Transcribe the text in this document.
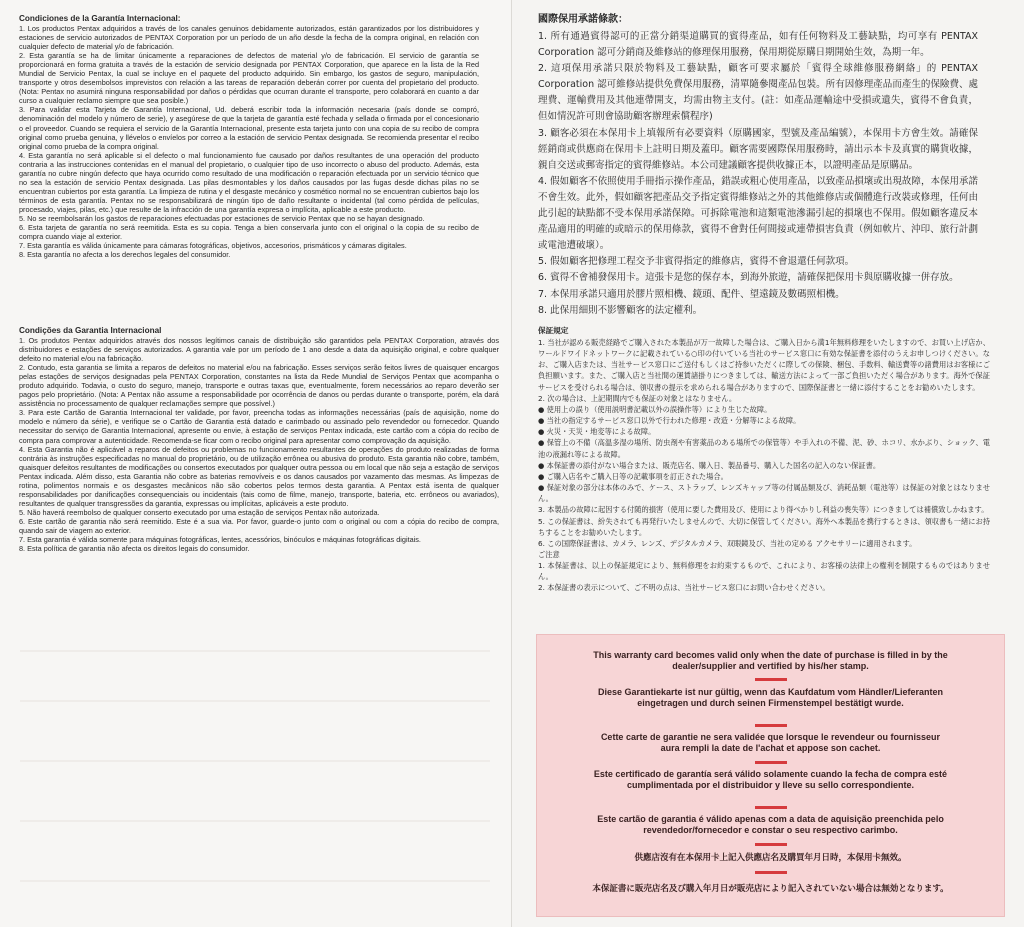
Condiciones de la Garantía Internacional:

1. Los productos Pentax adquiridos a través de los canales genuinos debidamente autorizados, están garantizados por los distribuidores y estaciones de servicio autorizados de PENTAX Corporation por un período de un año desde la fecha de la compra original, en relación con cualquier defecto de material y/o de fabricación.

2. Esta garantía se ha de limitar únicamente a reparaciones de defectos de material y/o de fabricación. El servicio de garantía se proporcionará en forma gratuita a través de la estación de servicio designada por PENTAX Corporation, que aparece en la lista de la Red Mundial de Servicio Pentax, la cual se incluye en el paquete del producto adquirido. Sin embargo, los gastos de seguro, manipulación, transporte y otros desembolsos imprevistos con relación a las tareas de reparación deberán correr por cuenta del propietario del producto. (Nota: Pentax no asumirá ninguna responsabilidad por daños o pérdidas que ocurran durante el transporte, pero colaborará en cuanto a dar curso a cualquier reclamo siempre que sea posible.)

3. Para validar esta Tarjeta de Garantía Internacional, Ud. deberá escribir toda la información necesaria (país donde se compró, denominación del modelo y número de serie), y asegúrese de que la tarjeta de garantía esté fechada y sellada o firmada por el concesionario o el proveedor. Cuando se requiera el servicio de la Garantía Internacional, presente esta tarjeta junto con una copia de su recibo de compra original como prueba genuina, y llévelos o envíelos por correo a la estación de servicio Pentax designada. Se recomienda presentar el recibo original como prueba de la compra original.

4. Esta garantía no será aplicable si el defecto o mal funcionamiento fue causado por daños resultantes de una operación del producto contraria a las instrucciones contenidas en el manual del propietario, o cualquier tipo de uso incorrecto o abuso del producto. Además, esta garantía no cubre ningún defecto que haya ocurrido como resultado de una modificación o reparación efectuada por un servicio técnico que no sea la estación de servicio Pentax designada. Las pilas desmontables y los daños causados por las fugas desde dichas pilas no se encuentran cubiertos por esta garantía. La limpieza de rutina y el desgaste mecánico y cosmético normal no se encuentran cubiertos bajo los términos de esta garantía. Pentax no se responsabilizará de ningún tipo de daño resultante o incidental (tal como pérdida de películas, procesado, viajes, pilas, etc.) que resulte de la infracción de una garantía expresa o implícita, aplicable a este producto.

5. No se reembolsarán los gastos de reparaciones efectuadas por estaciones de servicio Pentax que no se hayan designado.

6. Esta tarjeta de garantía no será reemitida. Esta es su copia. Tenga a bien conservarla junto con el original o la copia de su recibo de compra cuando viaje al exterior.

7. Esta garantía es válida únicamente para cámaras fotográficas, objetivos, accesorios, prismáticos y cámaras digitales.

8. Esta garantía no afecta a los derechos legales del consumidor.

Condições da Garantia Internacional

1. Os produtos Pentax adquiridos através dos nossos legítimos canais de distribuição são garantidos pela PENTAX Corporation, através dos distribuidores e estações de serviços autorizados. A garantia vale por um período de 1 ano desde a data da aquisição original, e cobre qualquer defeito no material e/ou na fabricação.

2. Contudo, esta garantia se limita a reparos de defeitos no material e/ou na fabricação. Esses serviços serão feitos livres de quaisquer encargos pelas estações de serviços designadas pela PENTAX Corporation, constantes na lista da Rede Mundial de Serviços Pentax que acompanha o produto adquirido. Todavia, o custo do seguro, manejo, transporte e outras taxas que, eventualmente, forem necessários ao reparo deverão ser pagos pelo proprietário. (Nota: A Pentax não assume a responsabilidade por ocorrência de danos ou perdas durante o transporte, porém, ela dará assistência no processamento de qualquer reclamações sempre que possível.)

3. Para este Cartão de Garantia Internacional ter validade, por favor, preencha todas as informações necessárias (país de aquisição, nome do modelo e número da série), e verifique se o Cartão de Garantia está datado e carimbado ou assinado pelo revendedor ou fornecedor. Quando necessitar do serviço de Garantia Internacional, apresente ou envie, à estação de serviços Pentax indicada, este cartão com a cópia do recibo de compra para comprovar a autenticidade. Recomenda-se ficar com o recibo original para apresentar como comprovação da aquisição.

4. Esta Garantia não é aplicável a reparos de defeitos ou problemas no funcionamento resultantes de operações do produto realizadas de forma contrária às instruções especificadas no manual do proprietário, ou de utilização errônea ou abusiva do produto. Esta garantia não cobre, também, quaisquer defeitos resultantes de modificações ou consertos executados por qualquer outra pessoa ou em local que não seja a estação de serviços Pentax indicada. Além disso, esta Garantia não cobre as baterias removíveis e os danos causados por vazamento das mesmas. As limpezas de rotina, polimentos normais e os desgastes mecânicos não são cobertos pelos termos desta garantia. A Pentax está isenta de qualquer responsabilidades por danificações consequenciais ou incidentais (tais como de filme, manejo, transporte, bateria, etc. errôneos ou avariados), resultantes de qualquer transgressões da garantia, expressas ou implícitas, aplicáveis a este produto.

5. Não haverá reembolso de qualquer conserto executado por uma estação de serviços Pentax não autorizada.

6. Este cartão de garantia não será reemitido. Este é a sua via. Por favor, guarde-o junto com o original ou com a cópia do recibo de compra, quando sair de viagem ao exterior.

7. Esta garantia é válida somente para máquinas fotográficas, lentes, acessórios, binóculos e máquinas fotográficas digitais.

8. Esta política de garantia não afecta os direitos legais do consumidor.

國際保用承諾條款：

1. 所有通過賓得認可的正當分銷渠道購買的賓得產品，如有任何物料及工藝缺點，均可享有 PENTAX Corporation 認可分銷商及維修站的修理保用服務，保用期從原購日期開始生效，為期一年。

2. 這項保用承諾只限於物料及工藝缺點，顧客可要求屬於「賓得全球維修服務網絡」的 PENTAX Corporation 認可維修站提供免費保用服務，清單隨參閱產品包裝。所有因修理產品而產生的保險費、處理費、運輸費用及其他連帶開支，均需由物主支付。(註：如產品運輸途中受損或遺失，賓得不會負責，但如情況許可則會協助顧客辦理索償程序)

3. 顧客必須在本保用卡上填報所有必要資料（原購國家，型號及產品編號），本保用卡方會生效。請確保經銷商或供應商在保用卡上註明日期及蓋印。顧客需要國際保用服務時，請出示本卡及真實的購貨收據，親自交送或郵寄指定的賓得維修站。本公司建議顧客提供收據正本，以證明產品是原購品。

4. 假如顧客不依照使用手冊指示操作產品，錯誤或粗心使用產品，以致產品損壞或出現故障，本保用承諾不會生效。此外，假如顧客把產品交予指定賓得維修站之外的其他維修店或個體進行改裝或修理，任何由此引起的缺點都不受本保用承諾保障。可拆除電池和這類電池滲漏引起的損壞也不保用。假如顧客違反本產品適用的明確的或暗示的保用條款，賓得不會對任何間接或連帶損害負責（例如軟片、沖印、旅行計劃或電池遭破壞）。

5. 假如顧客把修理工程交予非賓得指定的維修店，賓得不會退還任何款項。

6. 賓得不會補發保用卡。這張卡是您的保存本，到海外旅遊，請確保把保用卡與原購收據一併存放。

7. 本保用承諾只適用於膠片照相機、鏡頭、配件、望遠鏡及數碼照相機。

8. 此保用細則不影響顧客的法定權利。

保証規定

1. 当社が認める販売経路でご購入された本製品が万一故障した場合は、ご購入日から満1年無料修理をいたしますので、お買い上げ店か、ワールドワイドネットワークに記載されている○印の付いている当社のサービス窓口に有効な保証書を添付のうえお申しつけください。なお、ご購入店または、当社サービス窓口にご送付もしくはご持参いただくに際しての保険、梱包、手数料、輸送費等の諸費用はお客様にご負担願います。また、ご購入店と当社間の運賃諸掛りにつきましては、輸送方法によって一部ご負担いただく場合があります。海外で保証サービスを受けられる場合は、領収書の提示を求められる場合がありますので、国際保証書と一緒に添付することをお勧めいたします。

2. 次の場合は、上記期間内でも保証の対象とはなりません。

● 使用上の誤り（使用説明書記載以外の誤操作等）により生じた故障。

● 当社の指定するサービス窓口以外で行われた修理・改造・分解等による故障。

● 火災・天災・地変等による故障。

● 保管上の不備（高温多湿の場所、防虫剤や有害薬品のある場所での保管等）や手入れの不備、泥、砂、ホコリ、水かぶり、ショック、電池の液漏れ等による故障。

● 本保証書の添付がない場合または、販売店名、購入日、製品番号、購入した国名の記入のない保証書。

● ご購入店名やご購入日等の記載事項を訂正された場合。

● 保証対象の部分は本体のみで、ケース、ストラップ、レンズキャップ等の付属品類及び、消耗品類（電池等）は保証の対象とはなりません。

3. 本製品の故障に起因する付随的損害（使用に要した費用及び、使用により得べかりし利益の喪失等）につきましては補償致しかねます。

5. この保証書は、紛失されても再発行いたしませんので、大切に保管してください。海外へ本製品を携行するときは、領収書も一緒にお持ちすることをお勧めいたします。

6. この国際保証書は、カメラ、レンズ、デジタルカメラ、双眼鏡及び、当社の定める アクセサリーに適用されます。

ご注意

1. 本保証書は、以上の保証規定により、無料修理をお約束するもので、これにより、お客様の法律上の権利を制限するものではありません。

2. 本保証書の表示について、ご不明の点は、当社サービス窓口にお問い合わせください。

This warranty card becomes valid only when the date of purchase is filled in by the dealer/supplier and vertified by his/her stamp.
Diese Garantiekarte ist nur gültig, wenn das Kaufdatum vom Händler/Lieferanten eingetragen und durch seinen Firmenstempel bestätigt wurde.
Cette carte de garantie ne sera validée que lorsque le revendeur ou fournisseur aura rempli la date de l'achat et appose son cachet.
Este certificado de garantía será válido solamente cuando la fecha de compra esté cumplimentada por el distribuidor y lleve su sello correspondiente.
Este cartão de garantia é válido apenas com a data de aquisição preenchida pelo revendedor/fornecedor e constar o seu respectivo carimbo.
供應店沒有在本保用卡上記入供應店名及購買年月日時，本保用卡無效。
本保証書に販売店名及び購入年月日が販売店により記入されていない場合は無効となります。
